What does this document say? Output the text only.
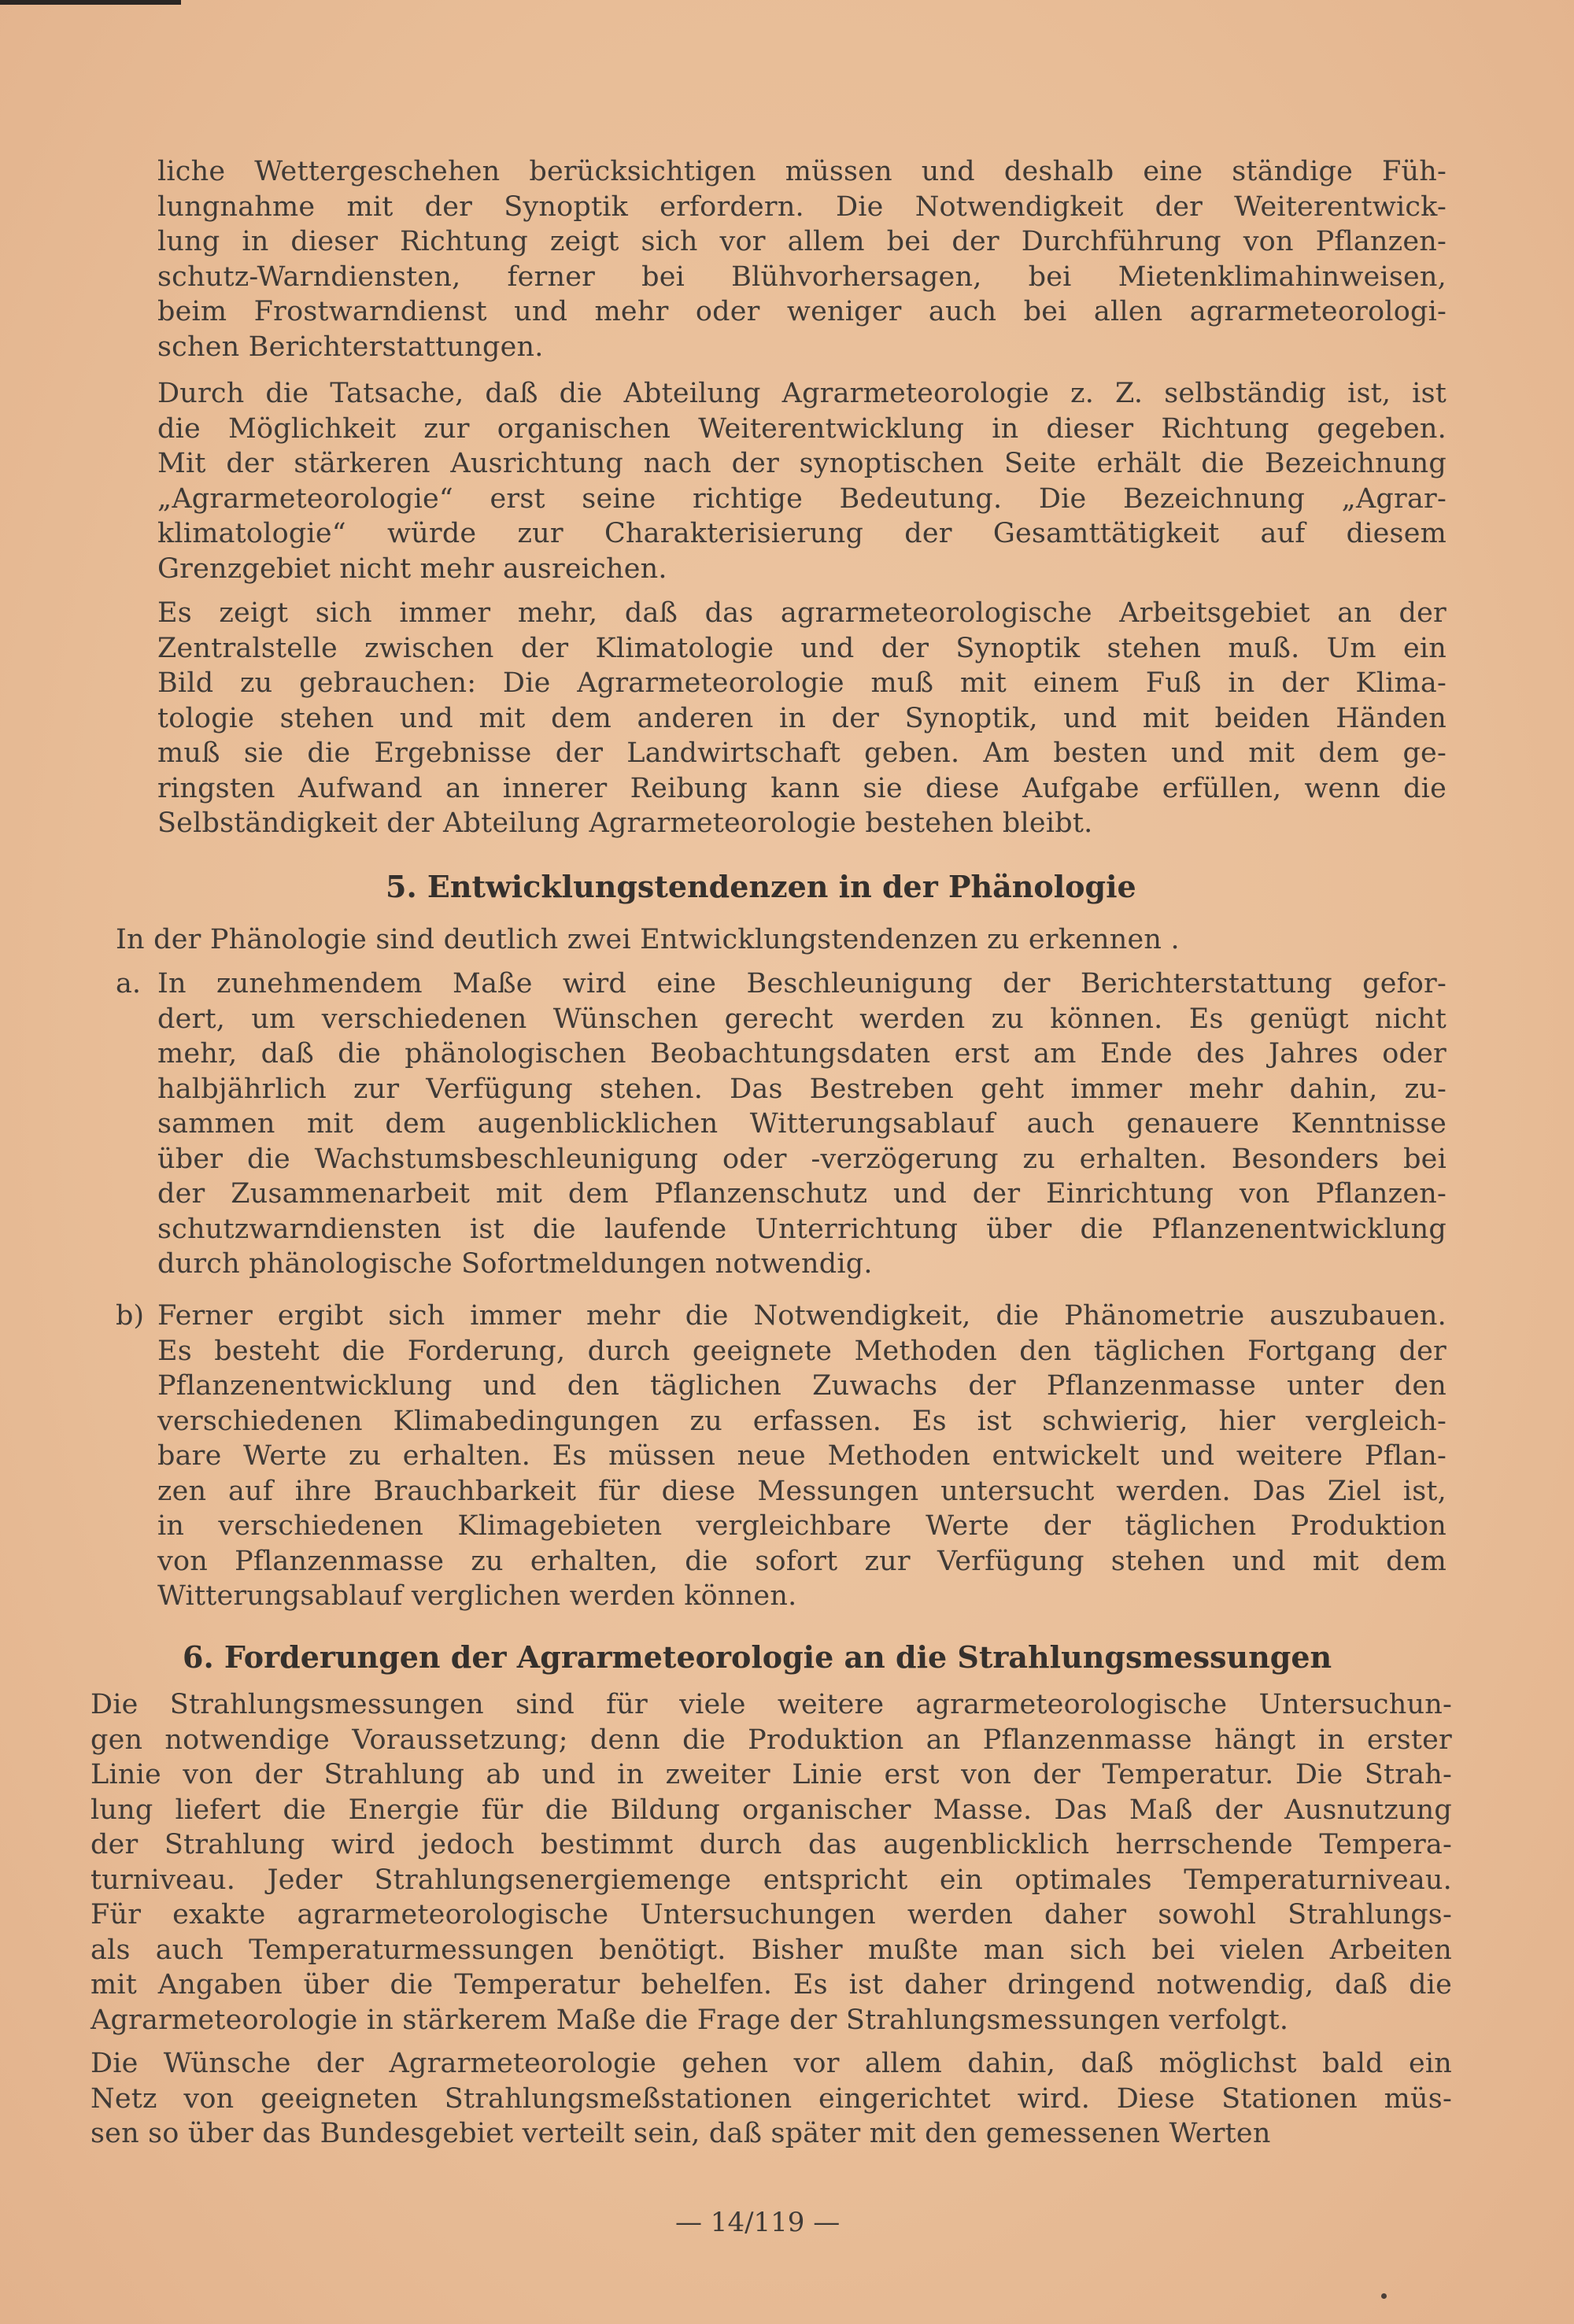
liche Wettergeschehen berücksichtigen müssen und deshalb eine ständige Füh-
lungnahme mit der Synoptik erfordern. Die Notwendigkeit der Weiterentwick-
lung in dieser Richtung zeigt sich vor allem bei der Durchführung von Pflanzen-
schutz-Warndiensten, ferner bei Blühvorhersagen, bei Mietenklimahinweisen,
beim Frostwarndienst und mehr oder weniger auch bei allen agrarmeteorologi-
schen Berichterstattungen.
Durch die Tatsache, daß die Abteilung Agrarmeteorologie z. Z. selbständig ist, ist
die Möglichkeit zur organischen Weiterentwicklung in dieser Richtung gegeben.
Mit der stärkeren Ausrichtung nach der synoptischen Seite erhält die Bezeichnung
„Agrarmeteorologie“ erst seine richtige Bedeutung. Die Bezeichnung „Agrar-
klimatologie“ würde zur Charakterisierung der Gesamttätigkeit auf diesem
Grenzgebiet nicht mehr ausreichen.
Es zeigt sich immer mehr, daß das agrarmeteorologische Arbeitsgebiet an der
Zentralstelle zwischen der Klimatologie und der Synoptik stehen muß. Um ein
Bild zu gebrauchen: Die Agrarmeteorologie muß mit einem Fuß in der Klima-
tologie stehen und mit dem anderen in der Synoptik, und mit beiden Händen
muß sie die Ergebnisse der Landwirtschaft geben. Am besten und mit dem ge-
ringsten Aufwand an innerer Reibung kann sie diese Aufgabe erfüllen, wenn die
Selbständigkeit der Abteilung Agrarmeteorologie bestehen bleibt.
5. Entwicklungstendenzen in der Phänologie
In der Phänologie sind deutlich zwei Entwicklungstendenzen zu erkennen .
a. In zunehmendem Maße wird eine Beschleunigung der Berichterstattung gefor-
dert, um verschiedenen Wünschen gerecht werden zu können. Es genügt nicht
mehr, daß die phänologischen Beobachtungsdaten erst am Ende des Jahres oder
halbjährlich zur Verfügung stehen. Das Bestreben geht immer mehr dahin, zu-
sammen mit dem augenblicklichen Witterungsablauf auch genauere Kenntnisse
über die Wachstumsbeschleunigung oder -verzögerung zu erhalten. Besonders bei
der Zusammenarbeit mit dem Pflanzenschutz und der Einrichtung von Pflanzen-
schutzwarndiensten ist die laufende Unterrichtung über die Pflanzenentwicklung
durch phänologische Sofortmeldungen notwendig.
b) Ferner ergibt sich immer mehr die Notwendigkeit, die Phänometrie auszubauen.
Es besteht die Forderung, durch geeignete Methoden den täglichen Fortgang der
Pflanzenentwicklung und den täglichen Zuwachs der Pflanzenmasse unter den
verschiedenen Klimabedingungen zu erfassen. Es ist schwierig, hier vergleich-
bare Werte zu erhalten. Es müssen neue Methoden entwickelt und weitere Pflan-
zen auf ihre Brauchbarkeit für diese Messungen untersucht werden. Das Ziel ist,
in verschiedenen Klimagebieten vergleichbare Werte der täglichen Produktion
von Pflanzenmasse zu erhalten, die sofort zur Verfügung stehen und mit dem
Witterungsablauf verglichen werden können.
6. Forderungen der Agrarmeteorologie an die Strahlungsmessungen
Die Strahlungsmessungen sind für viele weitere agrarmeteorologische Untersuchun-
gen notwendige Voraussetzung; denn die Produktion an Pflanzenmasse hängt in erster
Linie von der Strahlung ab und in zweiter Linie erst von der Temperatur. Die Strah-
lung liefert die Energie für die Bildung organischer Masse. Das Maß der Ausnutzung
der Strahlung wird jedoch bestimmt durch das augenblicklich herrschende Tempera-
turniveau. Jeder Strahlungsenergiemenge entspricht ein optimales Temperaturniveau.
Für exakte agrarmeteorologische Untersuchungen werden daher sowohl Strahlungs-
als auch Temperaturmessungen benötigt. Bisher mußte man sich bei vielen Arbeiten
mit Angaben über die Temperatur behelfen. Es ist daher dringend notwendig, daß die
Agrarmeteorologie in stärkerem Maße die Frage der Strahlungsmessungen verfolgt.
Die Wünsche der Agrarmeteorologie gehen vor allem dahin, daß möglichst bald ein
Netz von geeigneten Strahlungsmeßstationen eingerichtet wird. Diese Stationen müs-
sen so über das Bundesgebiet verteilt sein, daß später mit den gemessenen Werten
— 14/119 —
